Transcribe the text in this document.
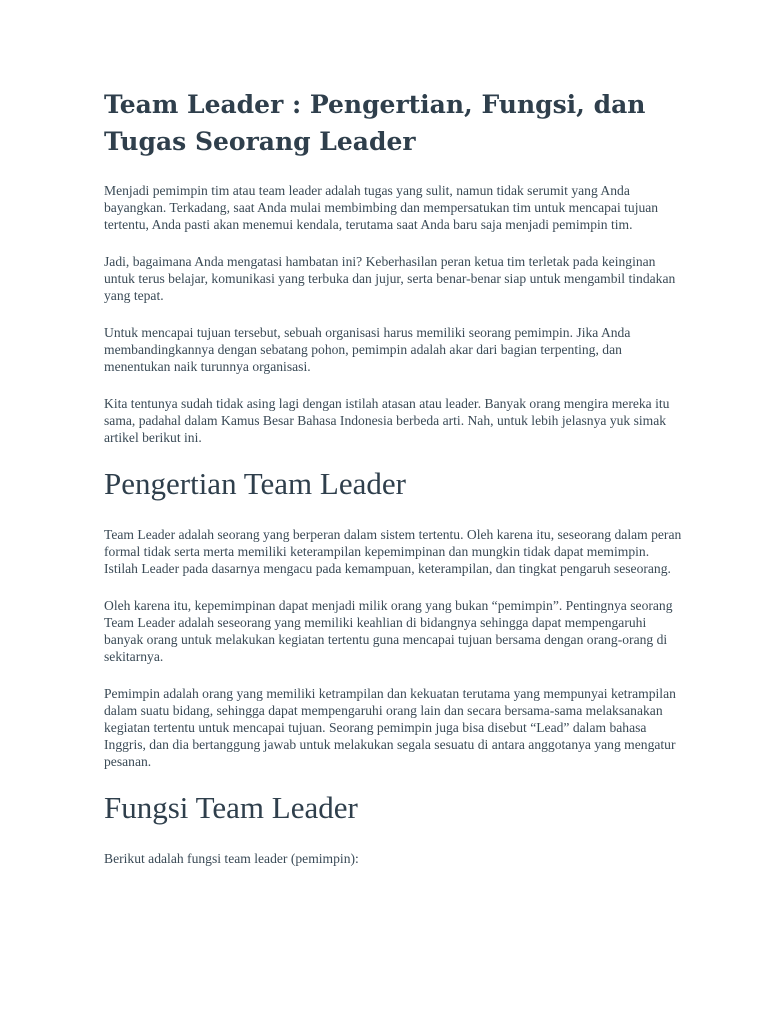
Team Leader : Pengertian, Fungsi, dan Tugas Seorang Leader

Menjadi pemimpin tim atau team leader adalah tugas yang sulit, namun tidak serumit yang Anda bayangkan. Terkadang, saat Anda mulai membimbing dan mempersatukan tim untuk mencapai tujuan tertentu, Anda pasti akan menemui kendala, terutama saat Anda baru saja menjadi pemimpin tim.

Jadi, bagaimana Anda mengatasi hambatan ini? Keberhasilan peran ketua tim terletak pada keinginan untuk terus belajar, komunikasi yang terbuka dan jujur, serta benar-benar siap untuk mengambil tindakan yang tepat.

Untuk mencapai tujuan tersebut, sebuah organisasi harus memiliki seorang pemimpin. Jika Anda membandingkannya dengan sebatang pohon, pemimpin adalah akar dari bagian terpenting, dan menentukan naik turunnya organisasi.

Kita tentunya sudah tidak asing lagi dengan istilah atasan atau leader. Banyak orang mengira mereka itu sama, padahal dalam Kamus Besar Bahasa Indonesia berbeda arti. Nah, untuk lebih jelasnya yuk simak artikel berikut ini.

Pengertian Team Leader

Team Leader adalah seorang yang berperan dalam sistem tertentu. Oleh karena itu, seseorang dalam peran formal tidak serta merta memiliki keterampilan kepemimpinan dan mungkin tidak dapat memimpin. Istilah Leader pada dasarnya mengacu pada kemampuan, keterampilan, dan tingkat pengaruh seseorang.

Oleh karena itu, kepemimpinan dapat menjadi milik orang yang bukan “pemimpin”. Pentingnya seorang Team Leader adalah seseorang yang memiliki keahlian di bidangnya sehingga dapat mempengaruhi banyak orang untuk melakukan kegiatan tertentu guna mencapai tujuan bersama dengan orang-orang di sekitarnya.

Pemimpin adalah orang yang memiliki ketrampilan dan kekuatan terutama yang mempunyai ketrampilan dalam suatu bidang, sehingga dapat mempengaruhi orang lain dan secara bersama-sama melaksanakan kegiatan tertentu untuk mencapai tujuan. Seorang pemimpin juga bisa disebut “Lead” dalam bahasa Inggris, dan dia bertanggung jawab untuk melakukan segala sesuatu di antara anggotanya yang mengatur pesanan.

Fungsi Team Leader

Berikut adalah fungsi team leader (pemimpin):
